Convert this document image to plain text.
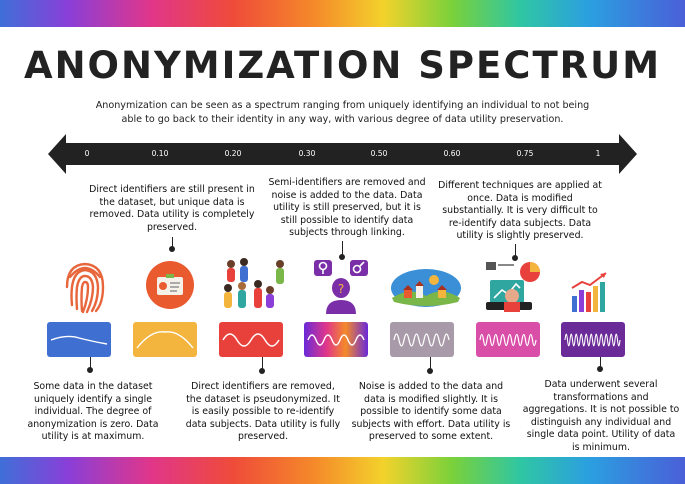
ANONYMIZATION SPECTRUM
Anonymization can be seen as a spectrum ranging from uniquely identifying an individual to not being able to go back to their identity in any way, with various degree of data utility preservation.
0	0.10	0.20	0.30	0.50	0.60	0.75	1
Direct identifiers are still present in the dataset, but unique data is removed. Data utility is completely preserved.
Semi-identifiers are removed and noise is added to the data. Data utility is still preserved, but it is still possible to identify data subjects through linking.
Different techniques are applied at once. Data is modified substantially. It is very difficult to re-identify data subjects. Data utility is slightly preserved.
?
Some data in the dataset uniquely identify a single individual. The degree of anonymization is zero. Data utility is at maximum.
Direct identifiers are removed, the dataset is pseudonymized. It is easily possible to re-identify data subjects. Data utility is fully preserved.
Noise is added to the data and data is modified slightly. It is possible to identify some data subjects with effort. Data utility is preserved to some extent.
Data underwent several transformations and aggregations. It is not possible to distinguish any individual and single data point. Utility of data is minimum.
